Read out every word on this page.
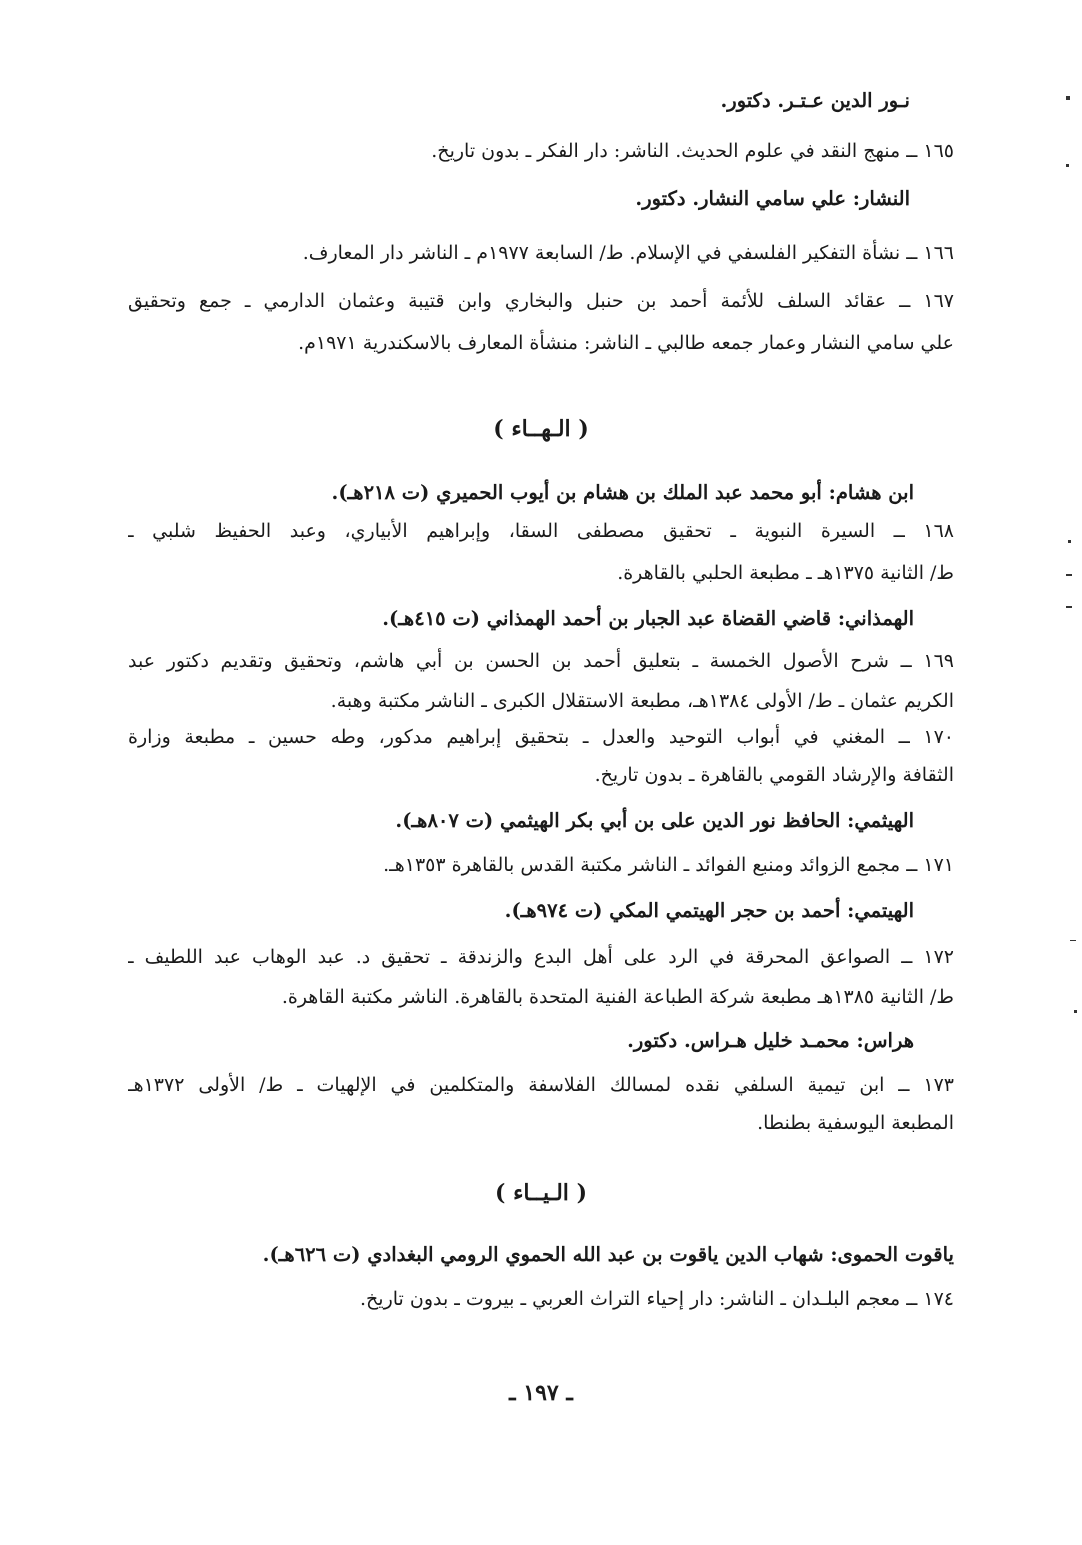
نـور الدين عـتـر. دكتور.
١٦٥ ــ منهج النقد في علوم الحديث. الناشر: دار الفكر ـ بدون تاريخ.
النشار: علي سامي النشار. دكتور.
١٦٦ ــ نشأة التفكير الفلسفي في الإسلام. ط/ السابعة ١٩٧٧م ـ الناشر دار المعارف.
١٦٧ ــ عقائد السلف للأئمة أحمد بن حنبل والبخاري وابن قتيبة وعثمان الدارمي ـ جمع وتحقيق
علي سامي النشار وعمار جمعه طالبي ـ الناشر: منشأة المعارف بالاسكندرية ١٩٧١م.
( الـهــاء )
ابن هشام: أبو محمد عبد الملك بن هشام بن أيوب الحميري (ت ٢١٨هـ).
١٦٨ ــ السيرة النبوية ـ تحقيق مصطفى السقا، وإبراهيم الأبياري، وعبد الحفيظ شلبي ـ
ط/ الثانية ١٣٧٥هـ ـ مطبعة الحلبي بالقاهرة.
الهمذاني: قاضي القضاة عبد الجبار بن أحمد الهمذاني (ت ٤١٥هـ).
١٦٩ ــ شرح الأصول الخمسة ـ بتعليق أحمد بن الحسن بن أبي هاشم، وتحقيق وتقديم دكتور عبد
الكريم عثمان ـ ط/ الأولى ١٣٨٤هـ، مطبعة الاستقلال الكبرى ـ الناشر مكتبة وهبة.
١٧٠ ــ المغني في أبواب التوحيد والعدل ـ بتحقيق إبراهيم مدكور، وطه حسين ـ مطبعة وزارة
الثقافة والإرشاد القومي بالقاهرة ـ بدون تاريخ.
الهيثمي: الحافظ نور الدين على بن أبي بكر الهيثمي (ت ٨٠٧هـ).
١٧١ ــ مجمع الزوائد ومنبع الفوائد ـ الناشر مكتبة القدس بالقاهرة ١٣٥٣هـ.
الهيتمي: أحمد بن حجر الهيتمي المكي (ت ٩٧٤هـ).
١٧٢ ــ الصواعق المحرقة في الرد على أهل البدع والزندقة ـ تحقيق د. عبد الوهاب عبد اللطيف ـ
ط/ الثانية ١٣٨٥هـ مطبعة شركة الطباعة الفنية المتحدة بالقاهرة. الناشر مكتبة القاهرة.
هراس: محمـد خليل هـراس. دكتور.
١٧٣ ــ ابن تيمية السلفي نقده لمسالك الفلاسفة والمتكلمين في الإلهيات ـ ط/ الأولى ١٣٧٢هـ
المطبعة اليوسفية بطنطا.
( الـيــاء )
ياقوت الحموى: شهاب الدين ياقوت بن عبد الله الحموي الرومي البغدادي (ت ٦٢٦هـ).
١٧٤ ــ معجم البلـدان ـ الناشر: دار إحياء التراث العربي ـ بيروت ـ بدون تاريخ.
ـ ١٩٧ ـ
